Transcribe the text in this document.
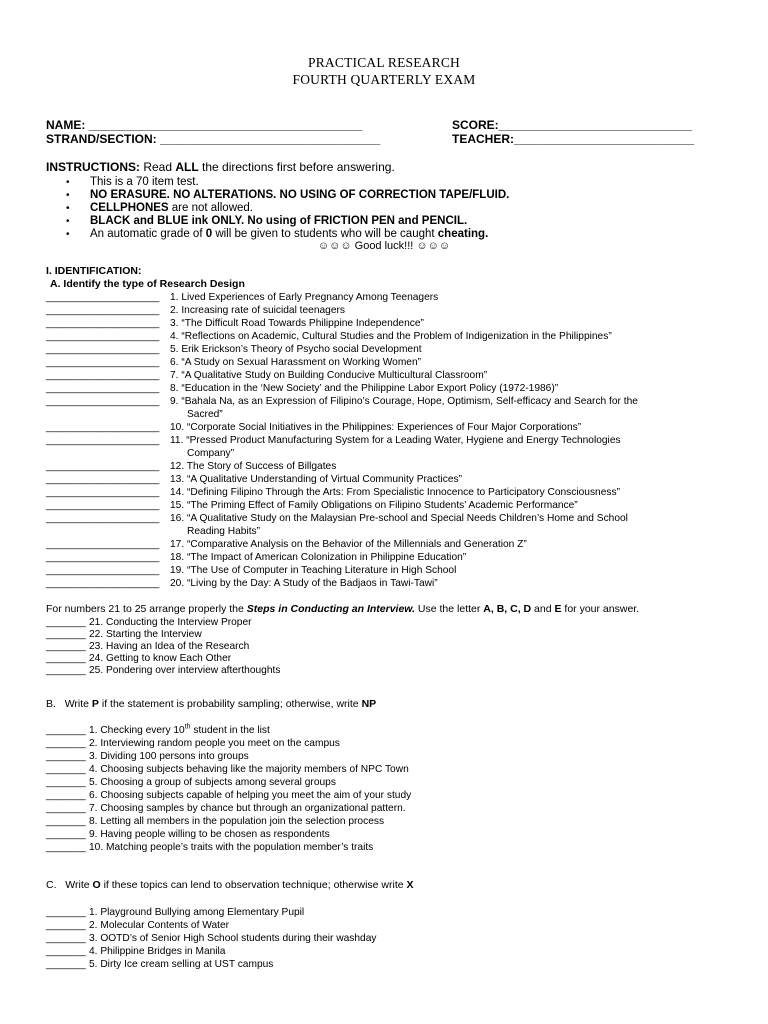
PRACTICAL RESEARCH
FOURTH QUARTERLY EXAM
NAME: _________________________________________
STRAND/SECTION: _________________________________
SCORE:_____________________________
TEACHER:___________________________
INSTRUCTIONS: Read ALL the directions first before answering.
• This is a 70 item test.
• NO ERASURE. NO ALTERATIONS. NO USING OF CORRECTION TAPE/FLUID.
• CELLPHONES are not allowed.
• BLACK and BLUE ink ONLY. No using of FRICTION PEN and PENCIL.
• An automatic grade of 0 will be given to students who will be caught cheating.
☺☺☺ Good luck!!! ☺☺☺
I. IDENTIFICATION:
A. Identify the type of Research Design
____________________ 1. Lived Experiences of Early Pregnancy Among Teenagers
____________________ 2. Increasing rate of suicidal teenagers
____________________ 3. “The Difficult Road Towards Philippine Independence”
____________________ 4. “Reflections on Academic, Cultural Studies and the Problem of Indigenization in the Philippines”
____________________ 5. Erik Erickson’s Theory of Psycho social Development
____________________ 6. “A Study on Sexual Harassment on Working Women”
____________________ 7. “A Qualitative Study on Building Conducive Multicultural Classroom”
____________________ 8. “Education in the ‘New Society’ and the Philippine Labor Export Policy (1972-1986)”
____________________ 9. “Bahala Na, as an Expression of Filipino’s Courage, Hope, Optimism, Self-efficacy and Search for the
Sacred”
____________________ 10. “Corporate Social Initiatives in the Philippines: Experiences of Four Major Corporations”
____________________ 11. “Pressed Product Manufacturing System for a Leading Water, Hygiene and Energy Technologies
Company”
____________________ 12. The Story of Success of Billgates
____________________ 13. “A Qualitative Understanding of Virtual Community Practices”
____________________ 14. “Defining Filipino Through the Arts: From Specialistic Innocence to Participatory Consciousness”
____________________ 15. “The Priming Effect of Family Obligations on Filipino Students’ Academic Performance”
____________________ 16. “A Qualitative Study on the Malaysian Pre-school and Special Needs Children’s Home and School
Reading Habits”
____________________ 17. “Comparative Analysis on the Behavior of the Millennials and Generation Z”
____________________ 18. “The Impact of American Colonization in Philippine Education”
____________________ 19. “The Use of Computer in Teaching Literature in High School
____________________ 20. “Living by the Day: A Study of the Badjaos in Tawi-Tawi”
For numbers 21 to 25 arrange properly the Steps in Conducting an Interview. Use the letter A, B, C, D and E for your answer.
_______ 21. Conducting the Interview Proper
_______ 22. Starting the Interview
_______ 23. Having an Idea of the Research
_______ 24. Getting to know Each Other
_______ 25. Pondering over interview afterthoughts
B. Write P if the statement is probability sampling; otherwise, write NP
_______ 1. Checking every 10th student in the list
_______ 2. Interviewing random people you meet on the campus
_______ 3. Dividing 100 persons into groups
_______ 4. Choosing subjects behaving like the majority members of NPC Town
_______ 5. Choosing a group of subjects among several groups
_______ 6. Choosing subjects capable of helping you meet the aim of your study
_______ 7. Choosing samples by chance but through an organizational pattern.
_______ 8. Letting all members in the population join the selection process
_______ 9. Having people willing to be chosen as respondents
_______ 10. Matching people’s traits with the population member’s traits
C. Write O if these topics can lend to observation technique; otherwise write X
_______ 1. Playground Bullying among Elementary Pupil
_______ 2. Molecular Contents of Water
_______ 3. OOTD’s of Senior High School students during their washday
_______ 4. Philippine Bridges in Manila
_______ 5. Dirty Ice cream selling at UST campus
